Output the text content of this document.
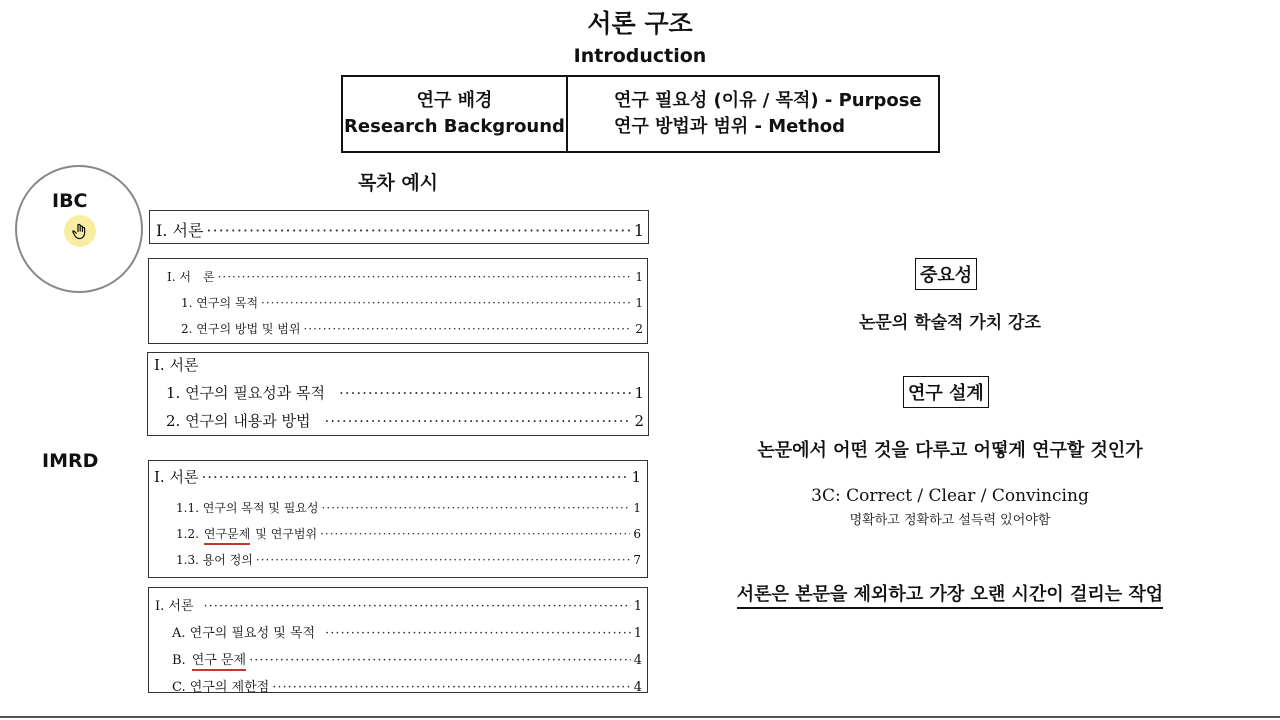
서론 구조
Introduction
연구 배경
Research Background
연구 필요성 (이유 / 목적) - Purpose
연구 방법과 범위 - Method
목차 예시
IBC
IMRD
I. 서론 ·····	1
I. 서　론 ·····	1
1. 연구의 목적 ·····	1
2. 연구의 방법 및 범위 ·····	2
I. 서론
1. 연구의 필요성과 목적 ·····	1
2. 연구의 내용과 방법 ·····	2
I. 서론 ·····	1
1.1. 연구의 목적 및 필요성 ·····	1
1.2. 연구문제 및 연구범위 ·····	6
1.3. 용어 정의 ·····	7
I. 서론 ·····	1
A. 연구의 필요성 및 목적 ·····	1
B. 연구 문제 ·····	4
C. 연구의 제한점 ·····	4
중요성
논문의 학술적 가치 강조
연구 설계
논문에서 어떤 것을 다루고 어떻게 연구할 것인가
3C: Correct / Clear / Convincing
명확하고 정확하고 설득력 있어야함
서론은 본문을 제외하고 가장 오랜 시간이 걸리는 작업
